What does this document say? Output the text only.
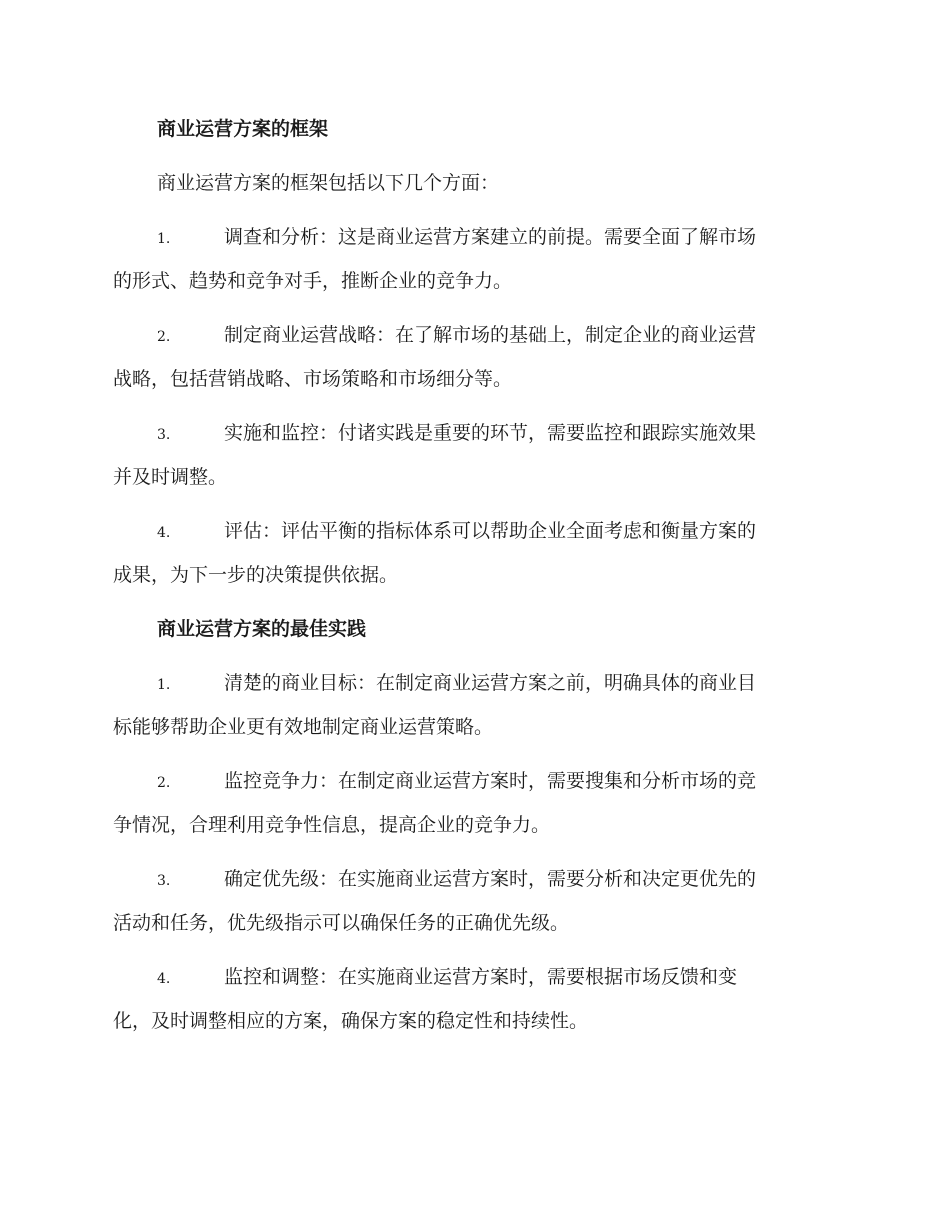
商业运营方案的框架
商业运营方案的框架包括以下几个方面：
1.	调查和分析：这是商业运营方案建立的前提。需要全面了解市场
的形式、趋势和竞争对手，推断企业的竞争力。
2.	制定商业运营战略：在了解市场的基础上，制定企业的商业运营
战略，包括营销战略、市场策略和市场细分等。
3.	实施和监控：付诸实践是重要的环节，需要监控和跟踪实施效果
并及时调整。
4.	评估：评估平衡的指标体系可以帮助企业全面考虑和衡量方案的
成果，为下一步的决策提供依据。
商业运营方案的最佳实践
1.	清楚的商业目标：在制定商业运营方案之前，明确具体的商业目
标能够帮助企业更有效地制定商业运营策略。
2.	监控竞争力：在制定商业运营方案时，需要搜集和分析市场的竞
争情况，合理利用竞争性信息，提高企业的竞争力。
3.	确定优先级：在实施商业运营方案时，需要分析和决定更优先的
活动和任务，优先级指示可以确保任务的正确优先级。
4.	监控和调整：在实施商业运营方案时，需要根据市场反馈和变
化，及时调整相应的方案，确保方案的稳定性和持续性。
